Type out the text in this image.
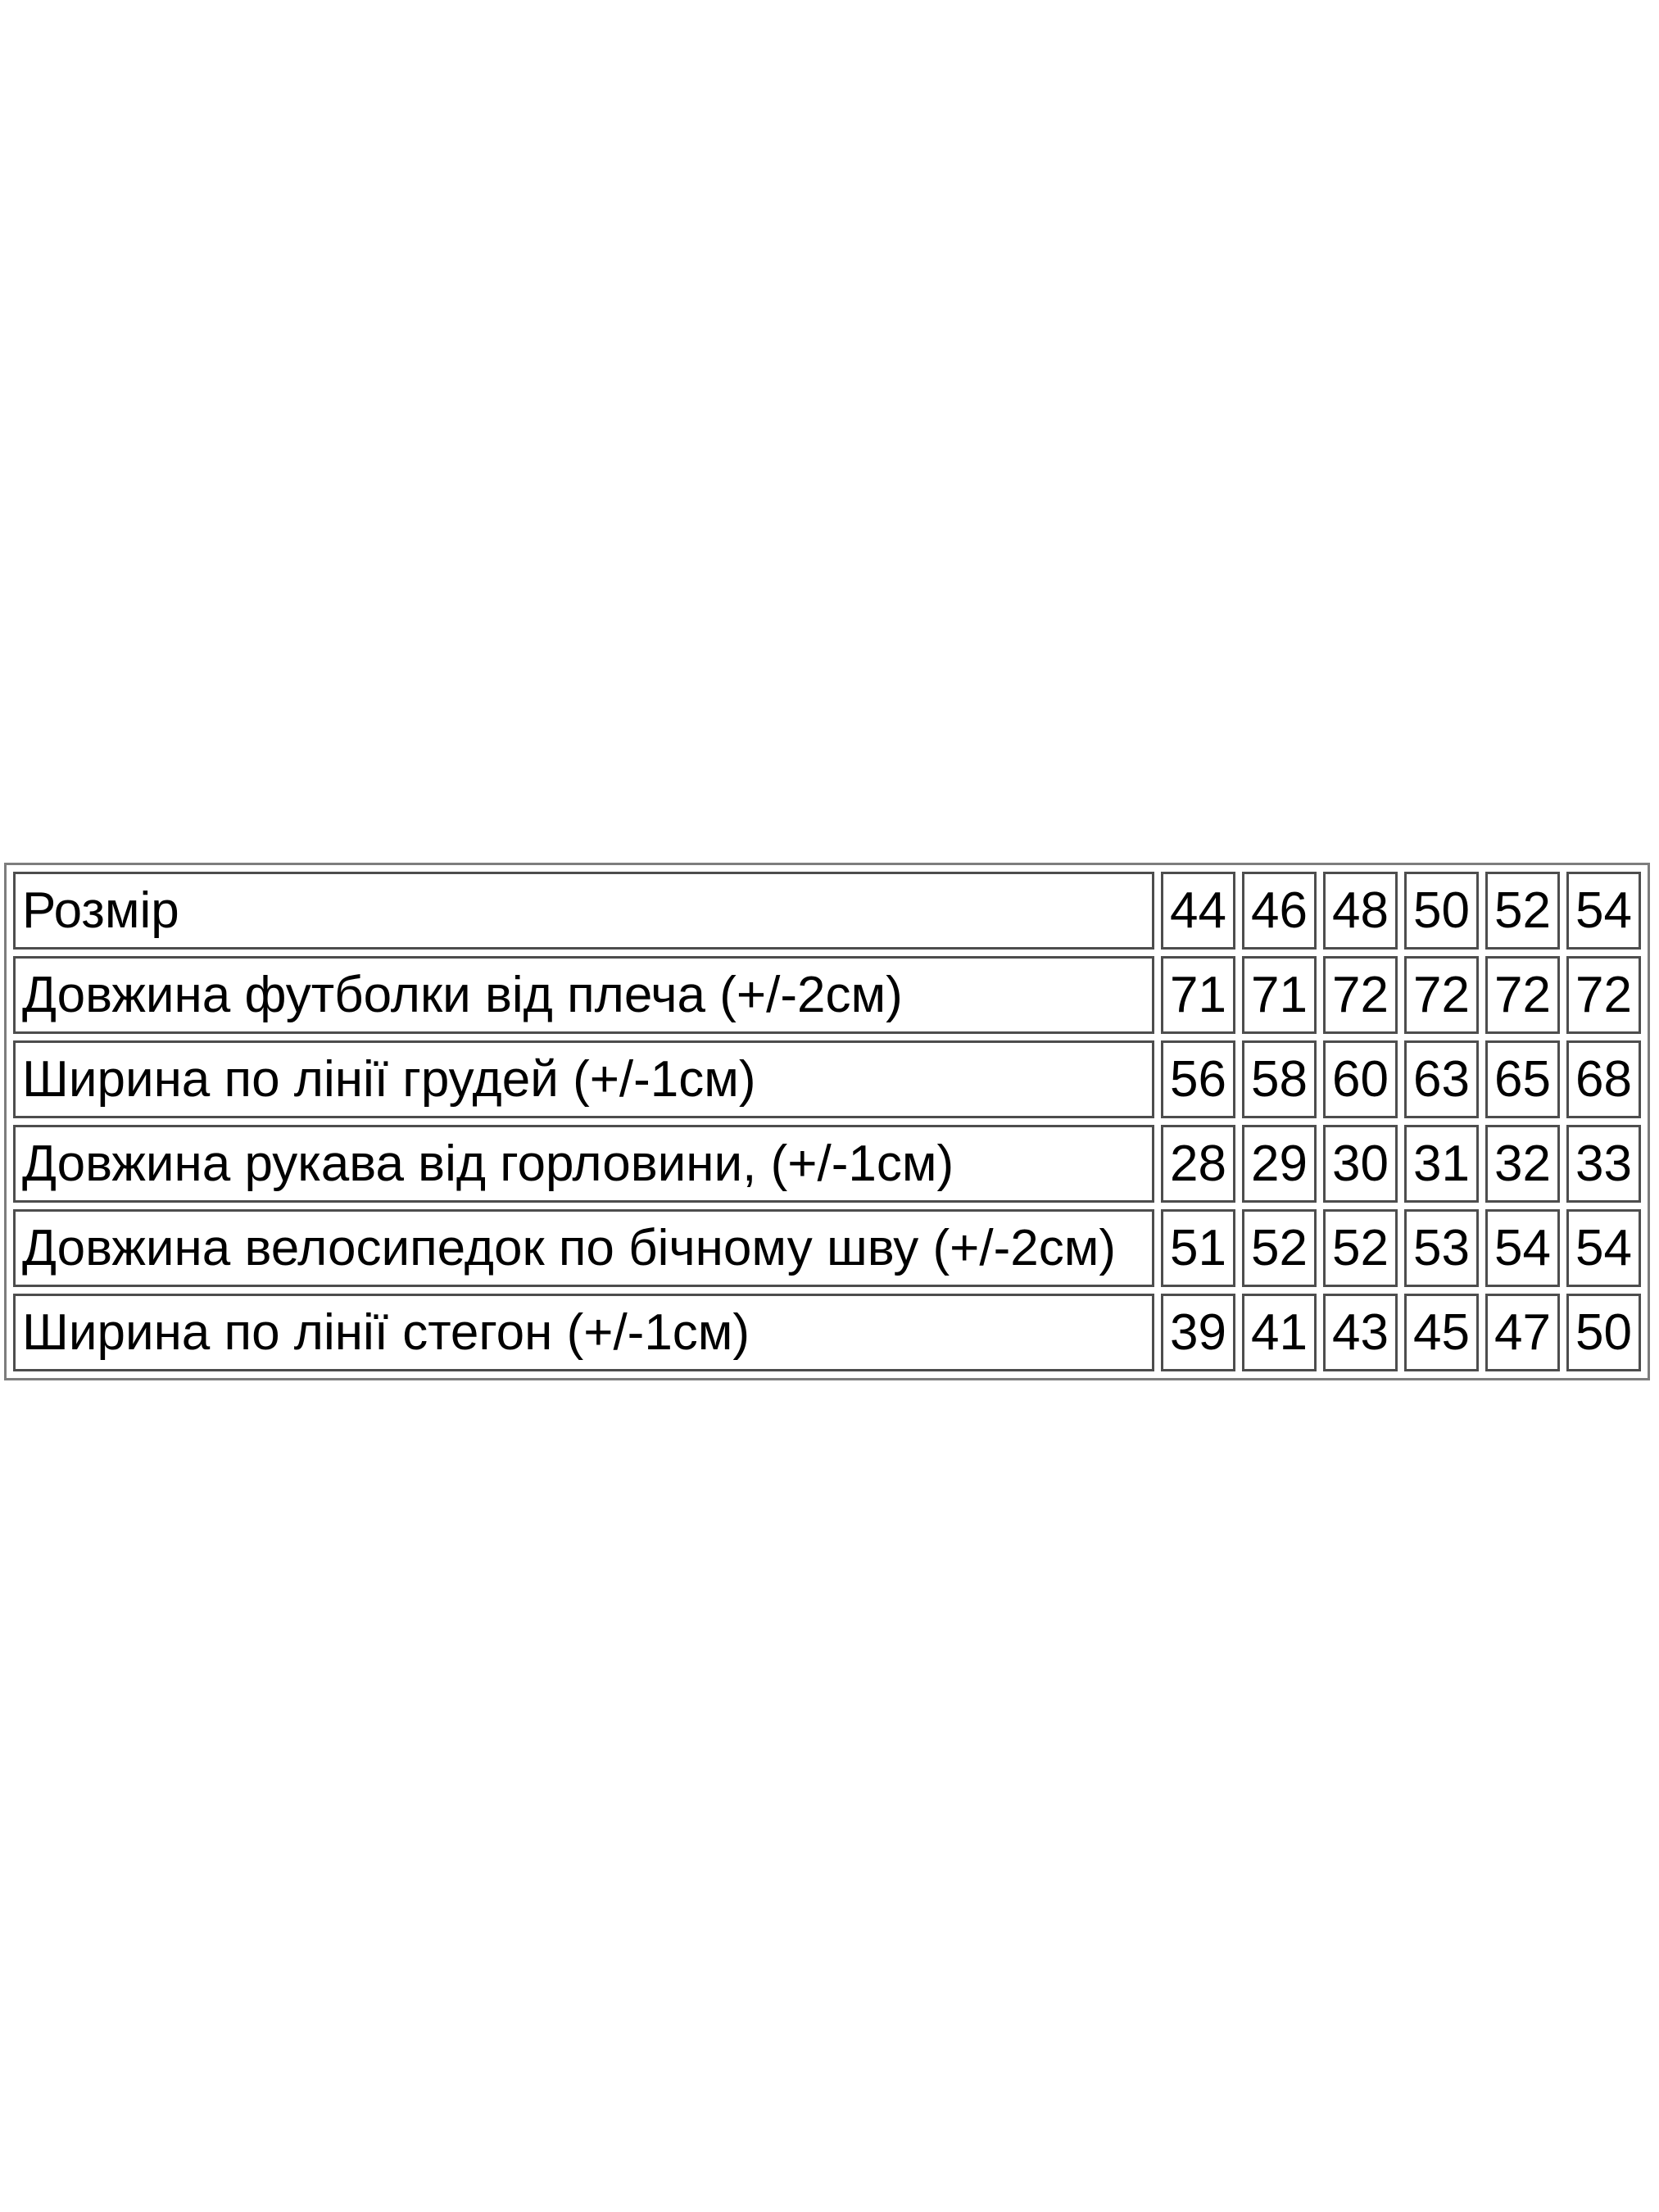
Розмір	44	46	48	50	52	54
Довжина футболки від плеча (+/-2см)	71	71	72	72	72	72
Ширина по лінії грудей (+/-1см)	56	58	60	63	65	68
Довжина рукава від горловини, (+/-1см)	28	29	30	31	32	33
Довжина велосипедок по бічному шву (+/-2см)	51	52	52	53	54	54
Ширина по лінії стегон (+/-1см)	39	41	43	45	47	50
